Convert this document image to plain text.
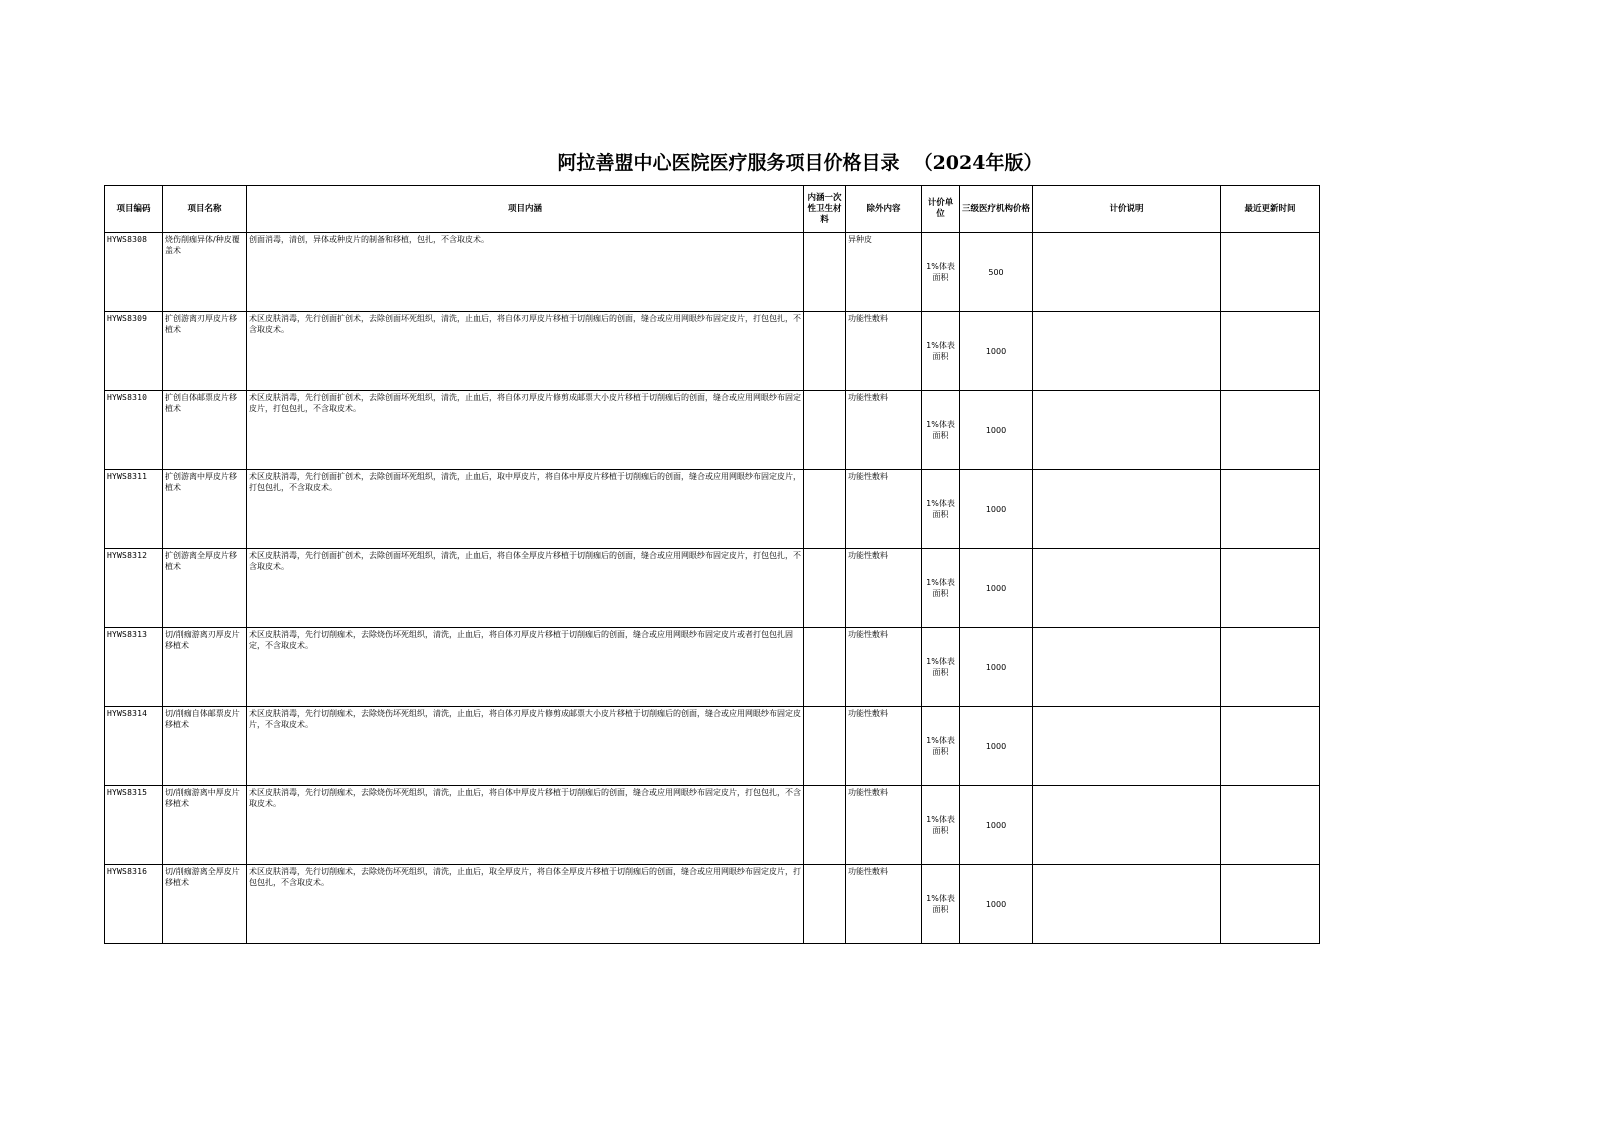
阿拉善盟中心医院医疗服务项目价格目录 （2024年版）
项目编码	项目名称	项目内涵	内涵一次性卫生材料	除外内容	计价单位	三级医疗机构价格	计价说明	最近更新时间
HYWS8308	烧伤削痂异体/种皮覆盖术	创面消毒，清创，异体或种皮片的制备和移植，包扎，不含取皮术。		异种皮	1%体表面积	500		
HYWS8309	扩创游离刃厚皮片移植术	术区皮肤消毒，先行创面扩创术，去除创面坏死组织，清洗，止血后，将自体刃厚皮片移植于切削痂后的创面，缝合或应用网眼纱布固定皮片，打包包扎，不含取皮术。		功能性敷料	1%体表面积	1000		
HYWS8310	扩创自体邮票皮片移植术	术区皮肤消毒，先行创面扩创术，去除创面坏死组织，清洗，止血后，将自体刃厚皮片修剪成邮票大小皮片移植于切削痂后的创面，缝合或应用网眼纱布固定皮片，打包包扎，不含取皮术。		功能性敷料	1%体表面积	1000		
HYWS8311	扩创游离中厚皮片移植术	术区皮肤消毒，先行创面扩创术，去除创面坏死组织，清洗，止血后，取中厚皮片，将自体中厚皮片移植于切削痂后的创面，缝合或应用网眼纱布固定皮片，打包包扎，不含取皮术。		功能性敷料	1%体表面积	1000		
HYWS8312	扩创游离全厚皮片移植术	术区皮肤消毒，先行创面扩创术，去除创面坏死组织，清洗，止血后，将自体全厚皮片移植于切削痂后的创面，缝合或应用网眼纱布固定皮片，打包包扎，不含取皮术。		功能性敷料	1%体表面积	1000		
HYWS8313	切/削痂游离刃厚皮片移植术	术区皮肤消毒，先行切削痂术，去除烧伤坏死组织，清洗，止血后，将自体刃厚皮片移植于切削痂后的创面，缝合或应用网眼纱布固定皮片或者打包包扎固定，不含取皮术。		功能性敷料	1%体表面积	1000		
HYWS8314	切/削痂自体邮票皮片移植术	术区皮肤消毒，先行切削痂术，去除烧伤坏死组织，清洗，止血后，将自体刃厚皮片修剪成邮票大小皮片移植于切削痂后的创面，缝合或应用网眼纱布固定皮片，不含取皮术。		功能性敷料	1%体表面积	1000		
HYWS8315	切/削痂游离中厚皮片移植术	术区皮肤消毒，先行切削痂术，去除烧伤坏死组织，清洗，止血后，将自体中厚皮片移植于切削痂后的创面，缝合或应用网眼纱布固定皮片，打包包扎，不含取皮术。		功能性敷料	1%体表面积	1000		
HYWS8316	切/削痂游离全厚皮片移植术	术区皮肤消毒，先行切削痂术，去除烧伤坏死组织，清洗，止血后，取全厚皮片，将自体全厚皮片移植于切削痂后的创面，缝合或应用网眼纱布固定皮片，打包包扎，不含取皮术。		功能性敷料	1%体表面积	1000		
